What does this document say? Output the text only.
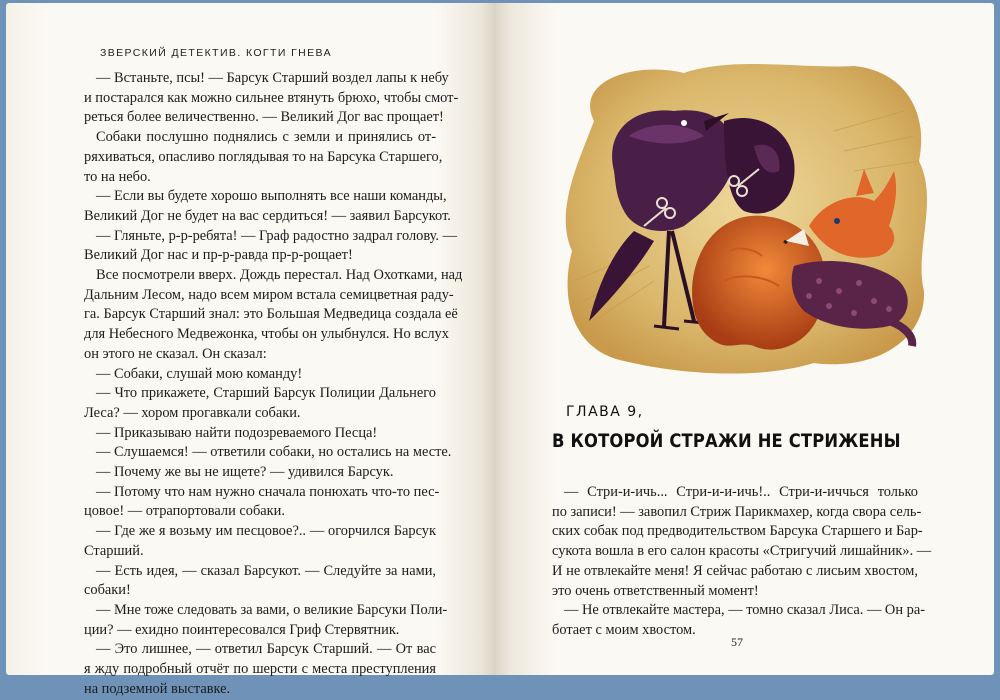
ЗВЕРСКИЙ ДЕТЕКТИВ. КОГТИ ГНЕВА
— Встаньте, псы! — Барсук Старший воздел лапы к небу
и постарался как можно сильнее втянуть брюхо, чтобы смот-
реться более величественно. — Великий Дог вас прощает!
Собаки послушно поднялись с земли и принялись от-
ряхиваться, опасливо поглядывая то на Барсука Старшего,
то на небо.
— Если вы будете хорошо выполнять все наши команды,
Великий Дог не будет на вас сердиться! — заявил Барсукот.
— Гляньте, р-р-ребята! — Граф радостно задрал голову. —
Великий Дог нас и пр-р-равда пр-р-рощает!
Все посмотрели вверх. Дождь перестал. Над Охотками, над
Дальним Лесом, надо всем миром встала семицветная раду-
га. Барсук Старший знал: это Большая Медведица создала её
для Небесного Медвежонка, чтобы он улыбнулся. Но вслух
он этого не сказал. Он сказал:
— Собаки, слушай мою команду!
— Что прикажете, Старший Барсук Полиции Дальнего
Леса? — хором прогавкали собаки.
— Приказываю найти подозреваемого Песца!
— Слушаемся! — ответили собаки, но остались на месте.
— Почему же вы не ищете? — удивился Барсук.
— Потому что нам нужно сначала понюхать что-то пес-
цовое! — отрапортовали собаки.
— Где же я возьму им песцовое?.. — огорчился Барсук
Старший.
— Есть идея, — сказал Барсукот. — Следуйте за нами,
собаки!
— Мне тоже следовать за вами, о великие Барсуки Поли-
ции? — ехидно поинтересовался Гриф Стервятник.
— Это лишнее, — ответил Барсук Старший. — От вас
я жду подробный отчёт по шерсти с места преступления
на подземной выставке.
ГЛАВА 9,
В КОТОРОЙ СТРАЖИ НЕ СТРИЖЕНЫ
— Стри-и-ичь... Стри-и-и-ичь!.. Стри-и-иччься только
по записи! — завопил Стриж Парикмахер, когда свора сель-
ских собак под предводительством Барсука Старшего и Бар-
сукота вошла в его салон красоты «Стригучий лишайник». —
И не отвлекайте меня! Я сейчас работаю с лисьим хвостом,
это очень ответственный момент!
— Не отвлекайте мастера, — томно сказал Лиса. — Он ра-
ботает с моим хвостом.
57
